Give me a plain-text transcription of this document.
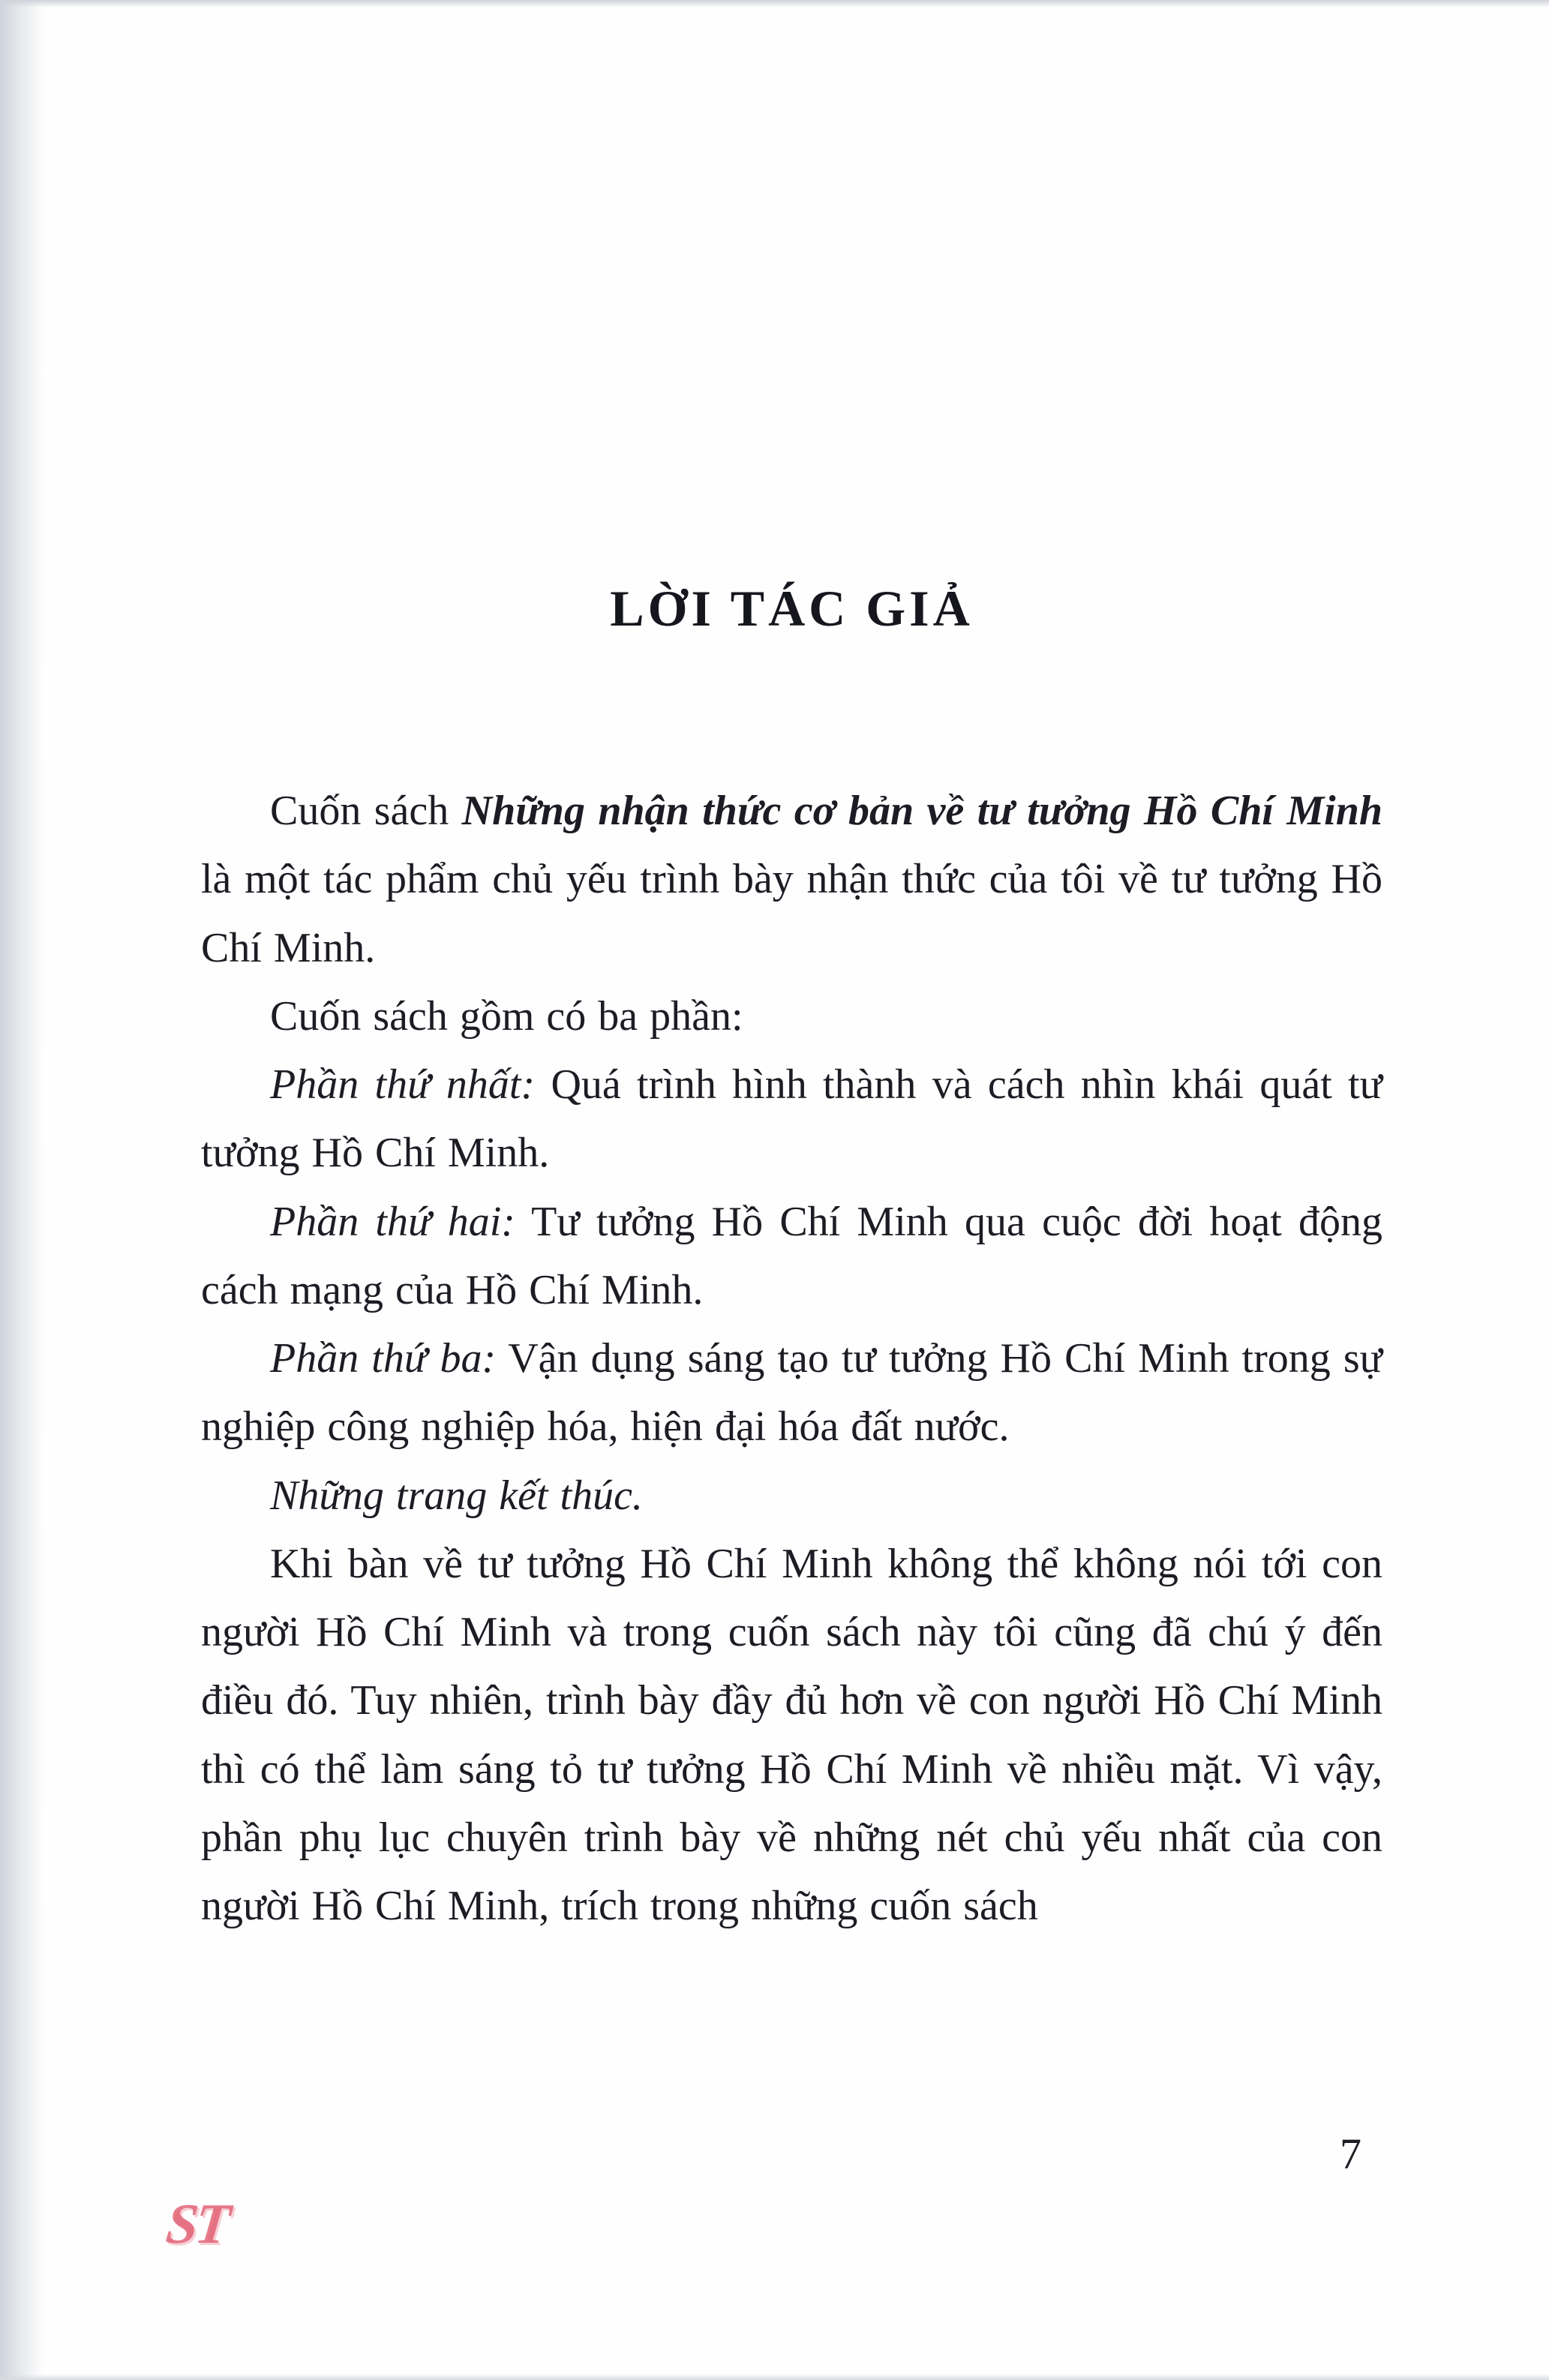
LỜI TÁC GIẢ

Cuốn sách Những nhận thức cơ bản về tư tưởng Hồ Chí Minh là một tác phẩm chủ yếu trình bày nhận thức của tôi về tư tưởng Hồ Chí Minh.

Cuốn sách gồm có ba phần:

Phần thứ nhất: Quá trình hình thành và cách nhìn khái quát tư tưởng Hồ Chí Minh.

Phần thứ hai: Tư tưởng Hồ Chí Minh qua cuộc đời hoạt động cách mạng của Hồ Chí Minh.

Phần thứ ba: Vận dụng sáng tạo tư tưởng Hồ Chí Minh trong sự nghiệp công nghiệp hóa, hiện đại hóa đất nước.

Những trang kết thúc.

Khi bàn về tư tưởng Hồ Chí Minh không thể không nói tới con người Hồ Chí Minh và trong cuốn sách này tôi cũng đã chú ý đến điều đó. Tuy nhiên, trình bày đầy đủ hơn về con người Hồ Chí Minh thì có thể làm sáng tỏ tư tưởng Hồ Chí Minh về nhiều mặt. Vì vậy, phần phụ lục chuyên trình bày về những nét chủ yếu nhất của con người Hồ Chí Minh, trích trong những cuốn sách

7
ST
